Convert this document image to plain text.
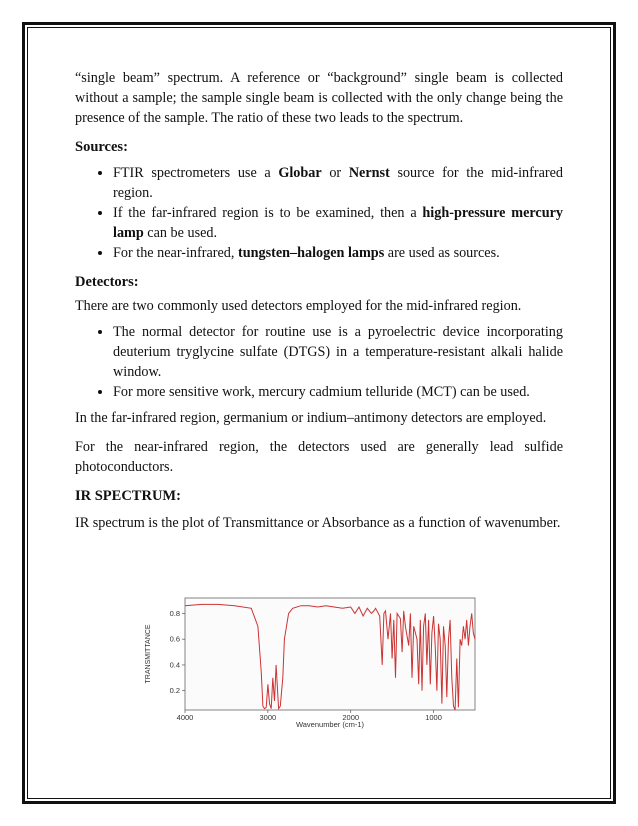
“single beam” spectrum. A reference or “background” single beam is collected without a sample; the sample single beam is collected with the only change being the presence of the sample. The ratio of these two leads to the spectrum.

Sources:
• FTIR spectrometers use a Globar or Nernst source for the mid-infrared region.
• If the far-infrared region is to be examined, then a high-pressure mercury lamp can be used.
• For the near-infrared, tungsten–halogen lamps are used as sources.
Detectors:

There are two commonly used detectors employed for the mid-infrared region.

• The normal detector for routine use is a pyroelectric device incorporating deuterium tryglycine sulfate (DTGS) in a temperature-resistant alkali halide window.
• For more sensitive work, mercury cadmium telluride (MCT) can be used.

In the far-infrared region, germanium or indium–antimony detectors are employed.

For the near-infrared region, the detectors used are generally lead sulfide photoconductors.

IR SPECTRUM:

IR spectrum is the plot of Transmittance or Absorbance as a function of wavenumber.

0.2
0.4
0.6
0.8
4000	3000	2000	1000
TRANSMITTANCE
Wavenumber (cm-1)
